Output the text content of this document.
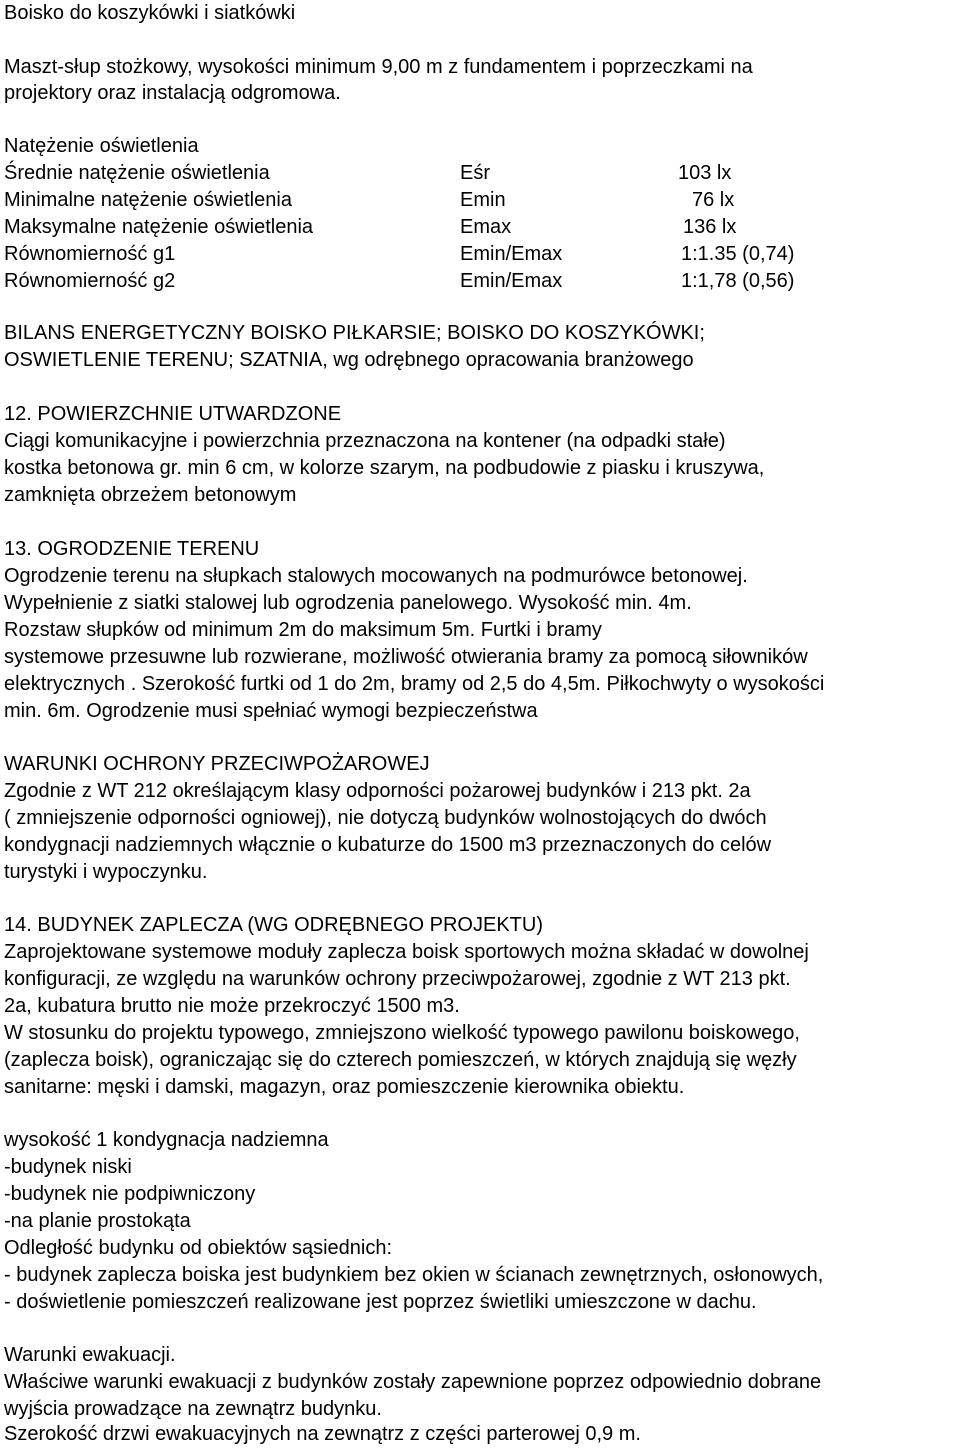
Boisko do koszykówki i siatkówki
Maszt-słup stożkowy, wysokości minimum 9,00 m z fundamentem i poprzeczkami na
projektory oraz instalacją odgromowa.
Natężenie oświetlenia
Średnie natężenie oświetlenia	Eśr	103 lx
Minimalne natężenie oświetlenia	Emin	76 lx
Maksymalne natężenie oświetlenia	Emax	136 lx
Równomierność g1	Emin/Emax	1:1.35 (0,74)
Równomierność g2	Emin/Emax	1:1,78 (0,56)
BILANS ENERGETYCZNY BOISKO PIŁKARSIE; BOISKO DO KOSZYKÓWKI;
OSWIETLENIE TERENU; SZATNIA, wg odrębnego opracowania branżowego
12. POWIERZCHNIE UTWARDZONE
Ciągi komunikacyjne i powierzchnia przeznaczona na kontener (na odpadki stałe)
kostka betonowa gr. min 6 cm, w kolorze szarym, na podbudowie z piasku i kruszywa,
zamknięta obrzeżem betonowym
13. OGRODZENIE TERENU
Ogrodzenie terenu na słupkach stalowych mocowanych na podmurówce betonowej.
Wypełnienie z siatki stalowej lub ogrodzenia panelowego. Wysokość min. 4m.
Rozstaw słupków od minimum 2m do maksimum 5m. Furtki i bramy
systemowe przesuwne lub rozwierane, możliwość otwierania bramy za pomocą siłowników
elektrycznych . Szerokość furtki od 1 do 2m, bramy od 2,5 do 4,5m. Piłkochwyty o wysokości
min. 6m. Ogrodzenie musi spełniać wymogi bezpieczeństwa
WARUNKI OCHRONY PRZECIWPOŻAROWEJ
Zgodnie z WT 212 określającym klasy odporności pożarowej budynków i 213 pkt. 2a
( zmniejszenie odporności ogniowej), nie dotyczą budynków wolnostojących do dwóch
kondygnacji nadziemnych włącznie o kubaturze do 1500 m3 przeznaczonych do celów
turystyki i wypoczynku.
14. BUDYNEK ZAPLECZA (WG ODRĘBNEGO PROJEKTU)
Zaprojektowane systemowe moduły zaplecza boisk sportowych można składać w dowolnej
konfiguracji, ze względu na warunków ochrony przeciwpożarowej, zgodnie z WT 213 pkt.
2a, kubatura brutto nie może przekroczyć 1500 m3.
W stosunku do projektu typowego, zmniejszono wielkość typowego pawilonu boiskowego,
(zaplecza boisk), ograniczając się do czterech pomieszczeń, w których znajdują się węzły
sanitarne: męski i damski, magazyn, oraz pomieszczenie kierownika obiektu.
wysokość 1 kondygnacja nadziemna
-budynek niski
-budynek nie podpiwniczony
-na planie prostokąta
Odległość budynku od obiektów sąsiednich:
- budynek zaplecza boiska jest budynkiem bez okien w ścianach zewnętrznych, osłonowych,
- doświetlenie pomieszczeń realizowane jest poprzez świetliki umieszczone w dachu.
Warunki ewakuacji.
Właściwe warunki ewakuacji z budynków zostały zapewnione poprzez odpowiednio dobrane
wyjścia prowadzące na zewnątrz budynku.
Szerokość drzwi ewakuacyjnych na zewnątrz z części parterowej 0,9 m.
